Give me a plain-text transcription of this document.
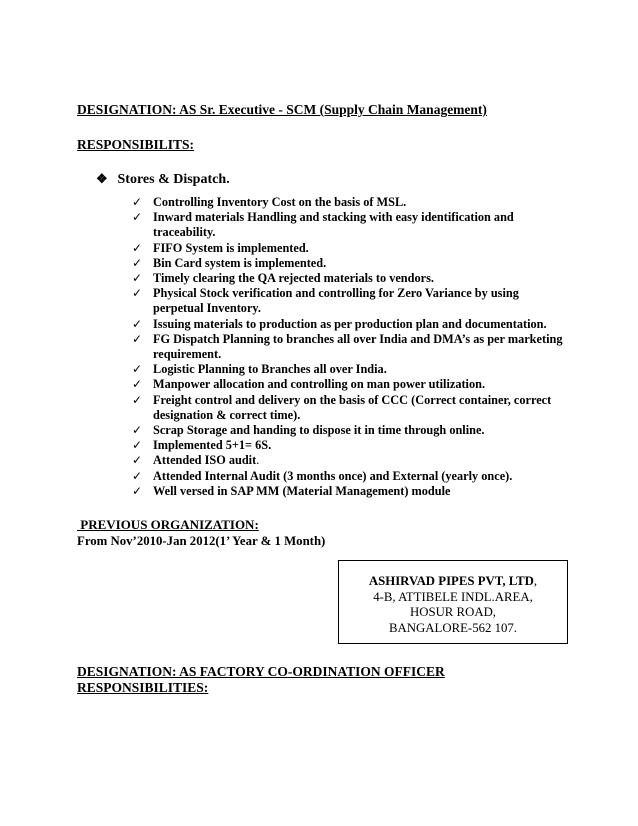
DESIGNATION: AS Sr. Executive - SCM (Supply Chain Management)
RESPONSIBILITS:
❖ Stores & Dispatch.
✓ Controlling Inventory Cost on the basis of MSL.
✓ Inward materials Handling and stacking with easy identification and traceability.
✓ FIFO System is implemented.
✓ Bin Card system is implemented.
✓ Timely clearing the QA rejected materials to vendors.
✓ Physical Stock verification and controlling for Zero Variance by using perpetual Inventory.
✓ Issuing materials to production as per production plan and documentation.
✓ FG Dispatch Planning to branches all over India and DMA’s as per marketing requirement.
✓ Logistic Planning to Branches all over India.
✓ Manpower allocation and controlling on man power utilization.
✓ Freight control and delivery on the basis of CCC (Correct container, correct designation & correct time).
✓ Scrap Storage and handing to dispose it in time through online.
✓ Implemented 5+1= 6S.
✓ Attended ISO audit.
✓ Attended Internal Audit (3 months once) and External (yearly once).
✓ Well versed in SAP MM (Material Management) module
PREVIOUS ORGANIZATION:
From Nov’2010-Jan 2012(1’ Year & 1 Month)
ASHIRVAD PIPES PVT, LTD,
4-B, ATTIBELE INDL.AREA,
HOSUR ROAD,
BANGALORE-562 107.
DESIGNATION: AS FACTORY CO-ORDINATION OFFICER
RESPONSIBILITIES:
